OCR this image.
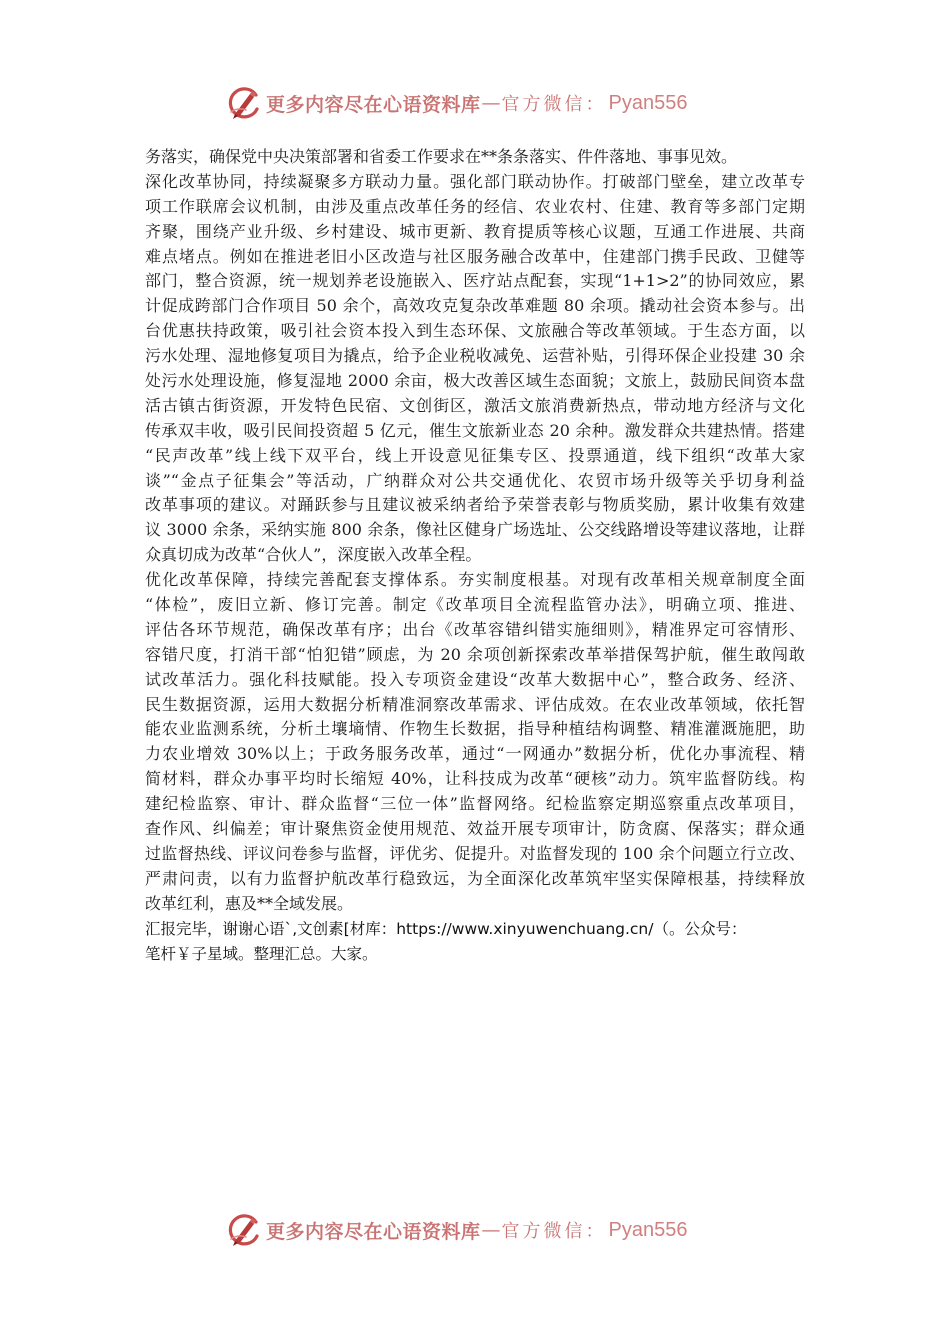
更多内容尽在心语资料库 — 官方微信： Pyan556
务落实，确保党中央决策部署和省委工作要求在**条条落实、件件落地、事事见效。
深化改革协同，持续凝聚多方联动力量。强化部门联动协作。打破部门壁垒，建立改革专
项工作联席会议机制，由涉及重点改革任务的经信、农业农村、住建、教育等多部门定期
齐聚，围绕产业升级、乡村建设、城市更新、教育提质等核心议题，互通工作进展、共商
难点堵点。例如在推进老旧小区改造与社区服务融合改革中，住建部门携手民政、卫健等
部门，整合资源，统一规划养老设施嵌入、医疗站点配套，实现“1+1>2”的协同效应，累
计促成跨部门合作项目 50 余个，高效攻克复杂改革难题 80 余项。撬动社会资本参与。出
台优惠扶持政策，吸引社会资本投入到生态环保、文旅融合等改革领域。于生态方面，以
污水处理、湿地修复项目为撬点，给予企业税收减免、运营补贴，引得环保企业投建 30 余
处污水处理设施，修复湿地 2000 余亩，极大改善区域生态面貌；文旅上，鼓励民间资本盘
活古镇古街资源，开发特色民宿、文创街区，激活文旅消费新热点，带动地方经济与文化
传承双丰收，吸引民间投资超 5 亿元，催生文旅新业态 20 余种。激发群众共建热情。搭建
“民声改革”线上线下双平台，线上开设意见征集专区、投票通道，线下组织“改革大家
谈”“金点子征集会”等活动，广纳群众对公共交通优化、农贸市场升级等关乎切身利益
改革事项的建议。对踊跃参与且建议被采纳者给予荣誉表彰与物质奖励，累计收集有效建
议 3000 余条，采纳实施 800 余条，像社区健身广场选址、公交线路增设等建议落地，让群
众真切成为改革“合伙人”，深度嵌入改革全程。
优化改革保障，持续完善配套支撑体系。夯实制度根基。对现有改革相关规章制度全面
“体检”，废旧立新、修订完善。制定《改革项目全流程监管办法》，明确立项、推进、
评估各环节规范，确保改革有序；出台《改革容错纠错实施细则》，精准界定可容情形、
容错尺度，打消干部“怕犯错”顾虑，为 20 余项创新探索改革举措保驾护航，催生敢闯敢
试改革活力。强化科技赋能。投入专项资金建设“改革大数据中心”，整合政务、经济、
民生数据资源，运用大数据分析精准洞察改革需求、评估成效。在农业改革领域，依托智
能农业监测系统，分析土壤墒情、作物生长数据，指导种植结构调整、精准灌溉施肥，助
力农业增效 30%以上；于政务服务改革，通过“一网通办”数据分析，优化办事流程、精
简材料，群众办事平均时长缩短 40%，让科技成为改革“硬核”动力。筑牢监督防线。构
建纪检监察、审计、群众监督“三位一体”监督网络。纪检监察定期巡察重点改革项目，
查作风、纠偏差；审计聚焦资金使用规范、效益开展专项审计，防贪腐、保落实；群众通
过监督热线、评议问卷参与监督，评优劣、促提升。对监督发现的 100 余个问题立行立改、
严肃问责，以有力监督护航改革行稳致远，为全面深化改革筑牢坚实保障根基，持续释放
改革红利，惠及**全域发展。
汇报完毕，谢谢心语`,文创素[材库：https://www.xinyuwenchuang.cn/（。公众号：
笔杆￥子星域。整理汇总。大家。
更多内容尽在心语资料库 — 官方微信： Pyan556
